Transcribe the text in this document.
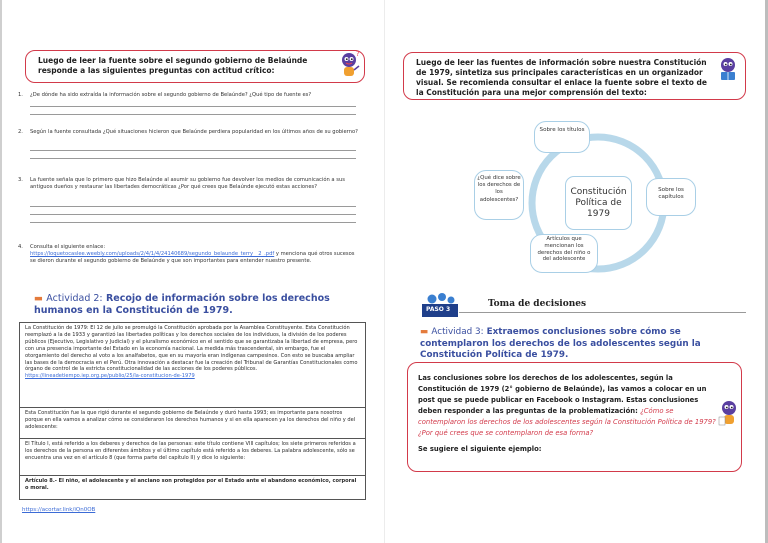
Luego de leer la fuente sobre el segundo gobierno de Belaúnde responde a las siguientes preguntas con actitud crítico:
?
1. ¿De dónde ha sido extraída la información sobre el segundo gobierno de Belaúnde? ¿Qué tipo de fuente es?
2. Según la fuente consultada ¿Qué situaciones hicieron que Belaúnde perdiera popularidad en los últimos años de su gobierno?
3. La fuente señala que lo primero que hizo Belaúnde al asumir su gobierno fue devolver los medios de comunicación a sus antiguos dueños y restaurar las libertades democráticas ¿Por qué crees que Belaúnde ejecutó estas acciones?
4. Consulta el siguiente enlace:
https://loquetocaslee.weebly.com/uploads/2/4/1/4/24140689/segundo_belaunde_terry__2_.pdf y menciona qué otros sucesos se dieron durante el segundo gobierno de Belaúnde y que son importantes para entender nuestro presente.
▬ Actividad 2: Recojo de información sobre los derechos humanos en la Constitución de 1979.
La Constitución de 1979: El 12 de julio se promulgó la Constitución aprobada por la Asamblea Constituyente. Esta Constitución reemplazó a la de 1933 y garantizó las libertades políticas y los derechos sociales de los individuos, la división de los poderes públicos (Ejecutivo, Legislativo y Judicial) y el pluralismo económico en el sentido que se garantizaba la libertad de empresa, pero con una presencia importante del Estado en la economía nacional. La medida más trascendental, sin embargo, fue el otorgamiento del derecho al voto a los analfabetos, que en su mayoría eran indígenas campesinos. Con esto se buscaba ampliar las bases de la democracia en el Perú. Otra innovación a destacar fue la creación del Tribunal de Garantías Constitucionales como órgano de control de la estricta constitucionalidad de las acciones de los poderes públicos. https://lineadetiempo.iep.org.pe/publio/25/la-constitucion-de-1979
Esta Constitución fue la que rigió durante el segundo gobierno de Belaúnde y duró hasta 1993; es importante para nosotros porque en ella vamos a analizar cómo se consideraron los derechos humanos y si en ella aparecen ya los derechos del niño y del adolescente:
El Título I, está referido a los deberes y derechos de las personas: este título contiene VIII capítulos; los siete primeros referidos a los derechos de la persona en diferentes ámbitos y el último capítulo está referido a los deberes. La palabra adolescente, sólo se encuentra una vez en el artículo 8 (que forma parte del capítulo II) y dice lo siguiente:
Artículo 8.- El niño, el adolescente y el anciano son protegidos por el Estado ante el abandono económico, corporal o moral.
https://acortar.link/iQn0OB
Luego de leer las fuentes de información sobre nuestra Constitución de 1979, sintetiza sus principales características en un organizador visual. Se recomienda consultar el enlace la fuente sobre el texto de la Constitución para una mejor comprensión del texto:
Constitución Política de 1979
Sobre los títulos
Sobre los capítulos
Artículos que mencionan los derechos del niño o del adolescente
¿Qué dice sobre los derechos de los adolescentes?
PASO 3
Toma de decisiones
▬ Actividad 3: Extraemos conclusiones sobre cómo se contemplaron los derechos de los adolescentes según la Constitución Política de 1979.
Las conclusiones sobre los derechos de los adolescentes, según la Constitución de 1979 (2° gobierno de Belaúnde), las vamos a colocar en un post que se puede publicar en Facebook o Instagram. Estas conclusiones deben responder a las preguntas de la problematización: ¿Cómo se contemplaron los derechos de los adolescentes según la Constitución Política de 1979? ¿Por qué crees que se contemplaron de esa forma?
Se sugiere el siguiente ejemplo:
